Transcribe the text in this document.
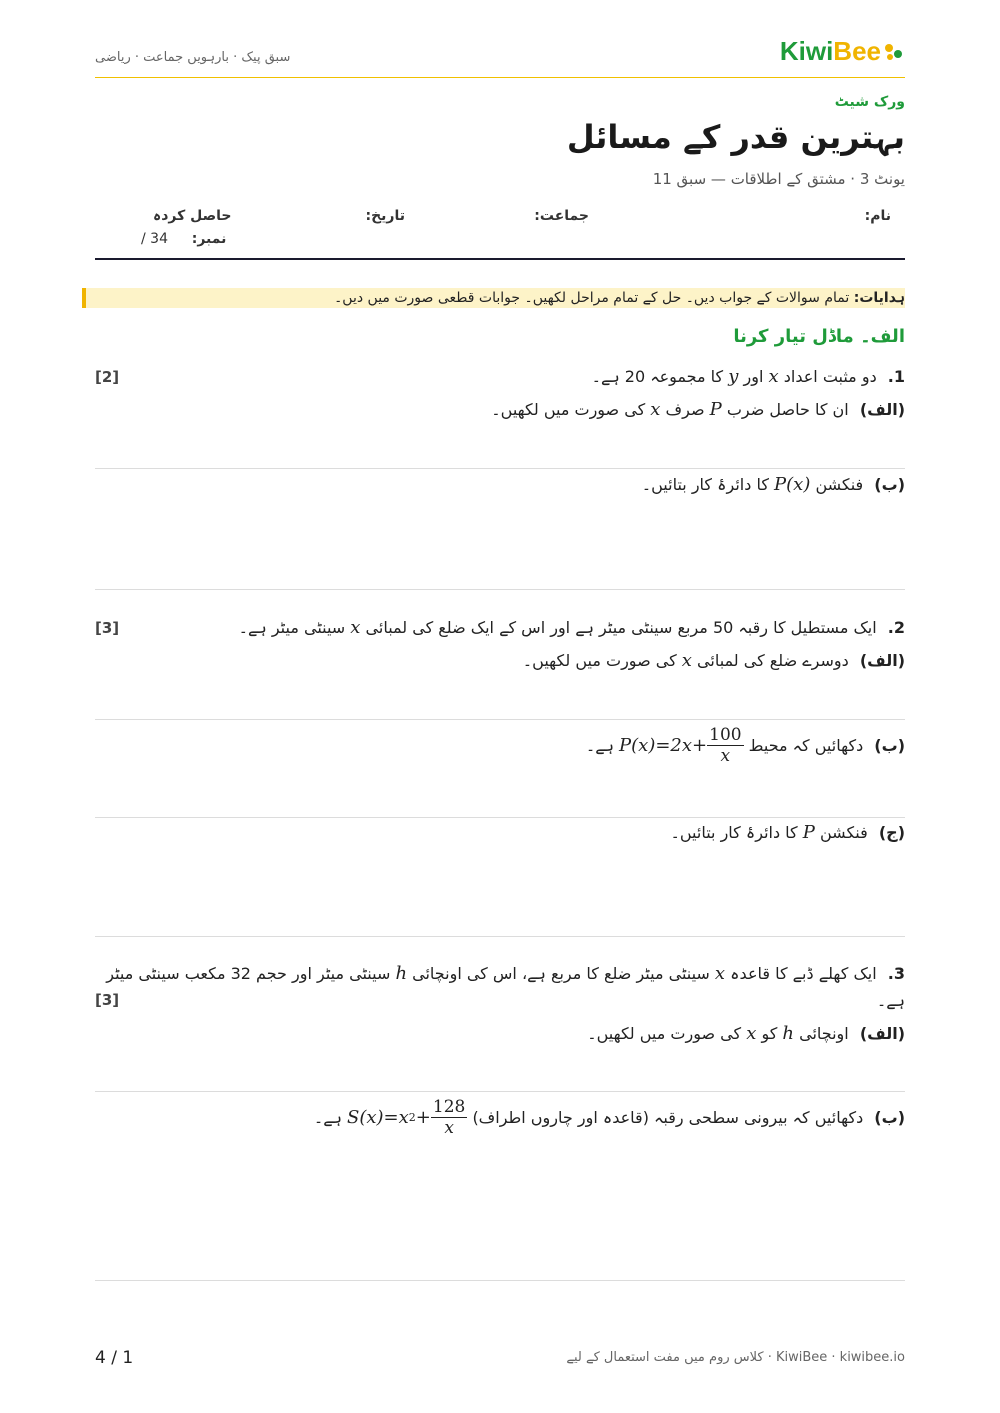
Kiwi Bee
سبق پیک · بارہویں جماعت · ریاضی
ورک شیٹ
بہترین قدر کے مسائل
یونٹ 3 · مشتق کے اطلاقات — سبق 11
نام:
جماعت:
تاریخ:
حاصل کردہ
نمبر:  / 34
ہدایات: تمام سوالات کے جواب دیں۔ حل کے تمام مراحل لکھیں۔ جوابات قطعی صورت میں دیں۔
الف۔ ماڈل تیار کرنا
1. دو مثبت اعداد x اور y کا مجموعہ 20 ہے۔
[2]
(الف) ان کا حاصل ضرب P صرف x کی صورت میں لکھیں۔
(ب) فنکشن P(x) کا دائرۂ کار بتائیں۔
2. ایک مستطیل کا رقبہ 50 مربع سینٹی میٹر ہے اور اس کے ایک ضلع کی لمبائی x سینٹی میٹر ہے۔
[3]
(الف) دوسرے ضلع کی لمبائی x کی صورت میں لکھیں۔
(ب) دکھائیں کہ محیط
$P(x)=2x+ \frac{100}{x}$
ہے۔
(ج) فنکشن P کا دائرۂ کار بتائیں۔
3. ایک کھلے ڈبے کا قاعدہ x سینٹی میٹر ضلع کا مربع ہے، اس کی اونچائی h سینٹی میٹر اور حجم 32 مکعب سینٹی میٹر
ہے۔
[3]
(الف) اونچائی h کو x کی صورت میں لکھیں۔
(ب) دکھائیں کہ بیرونی سطحی رقبہ (قاعدہ اور چاروں اطراف)
S(x)=x $2 + \frac{128}{x}$
ہے۔
4 / 1	KiwiBee · kiwibee.io · کلاس روم میں مفت استعمال کے لیے
